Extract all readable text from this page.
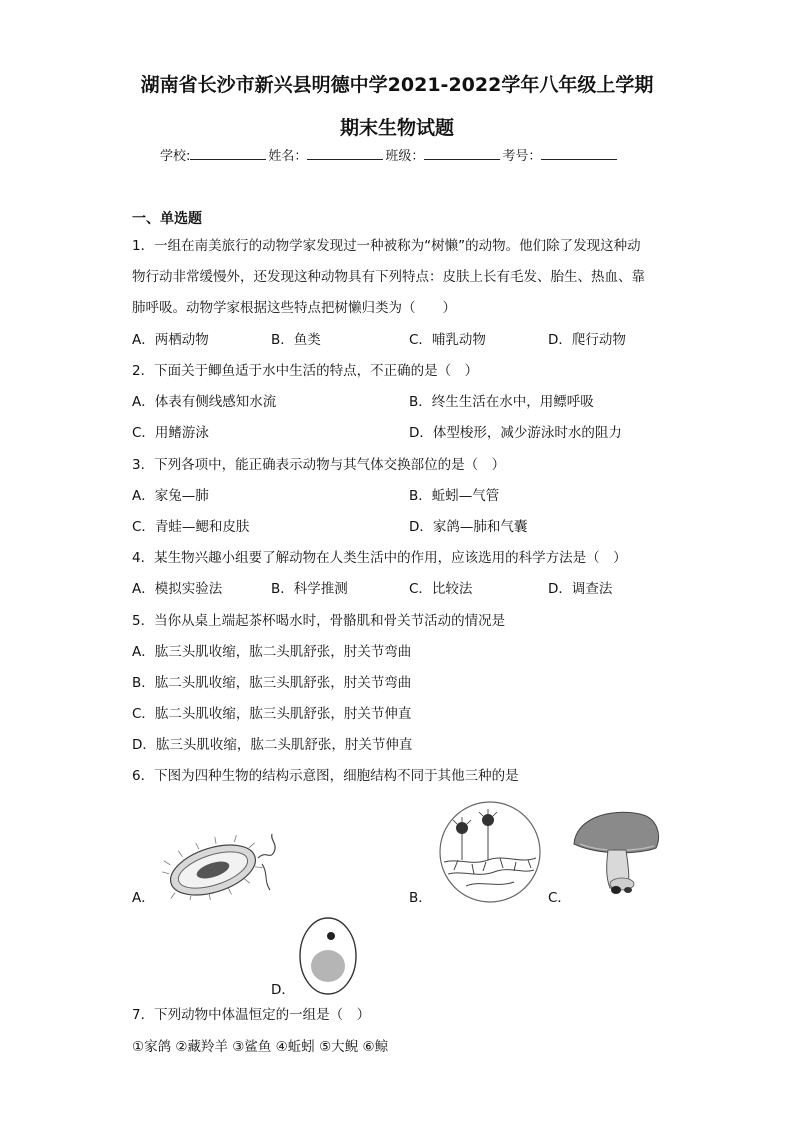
湖南省长沙市新兴县明德中学2021-2022学年八年级上学期
期末生物试题
学校:	姓名：	班级：	考号：
一、单选题
1．一组在南美旅行的动物学家发现过一种被称为“树懒”的动物。他们除了发现这种动
物行动非常缓慢外，还发现这种动物具有下列特点：皮肤上长有毛发、胎生、热血、靠
肺呼吸。动物学家根据这些特点把树懒归类为（　　）
A．两栖动物	B．鱼类	C．哺乳动物	D．爬行动物
2．下面关于鲫鱼适于水中生活的特点，不正确的是（　）
A．体表有侧线感知水流	B．终生生活在水中，用鳔呼吸
C．用鳍游泳	D．体型梭形，减少游泳时水的阻力
3．下列各项中，能正确表示动物与其气体交换部位的是（　）
A．家兔—肺	B．蚯蚓—气管
C．青蛙—鳃和皮肤	D．家鸽—肺和气囊
4．某生物兴趣小组要了解动物在人类生活中的作用，应该选用的科学方法是（　）
A．模拟实验法	B．科学推测	C．比较法	D．调查法
5．当你从桌上端起茶杯喝水时，骨骼肌和骨关节活动的情况是
A．肱三头肌收缩，肱二头肌舒张，肘关节弯曲
B．肱二头肌收缩，肱三头肌舒张，肘关节弯曲
C．肱二头肌收缩，肱三头肌舒张，肘关节伸直
D．肱三头肌收缩，肱二头肌舒张，肘关节伸直
6．下图为四种生物的结构示意图，细胞结构不同于其他三种的是
A．	B．	C．
D．
7．下列动物中体温恒定的一组是（　）
①家鸽 ②藏羚羊 ③鲨鱼 ④蚯蚓 ⑤大鲵 ⑥鲸
